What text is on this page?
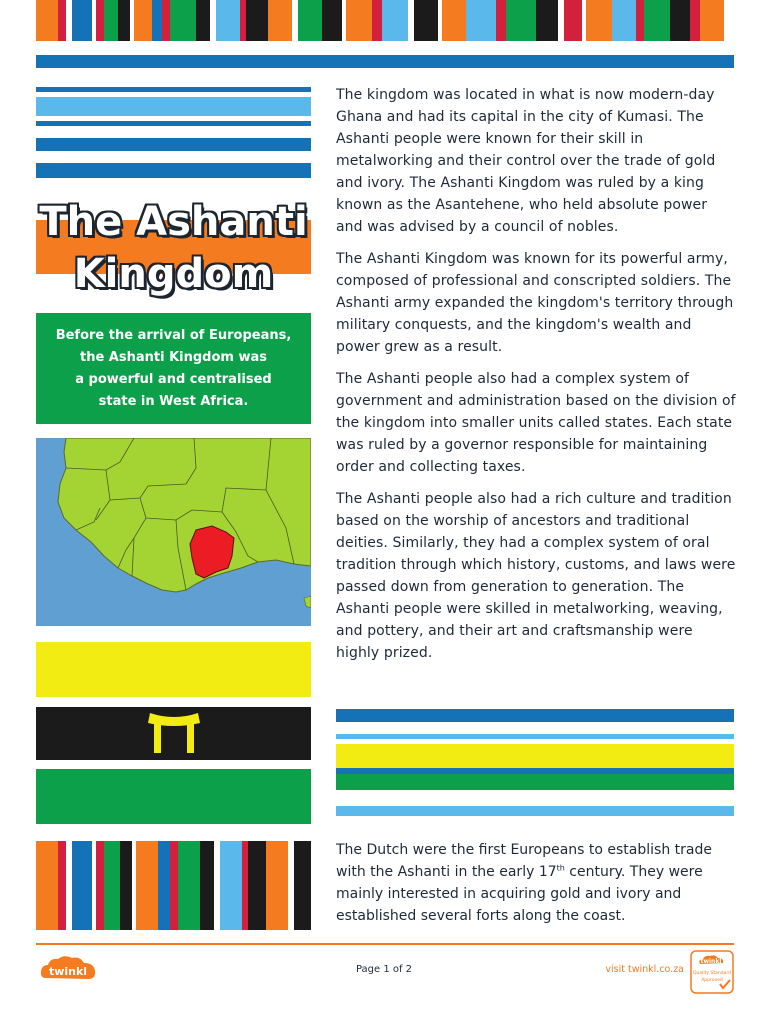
The Ashanti
Kingdom
Before the arrival of Europeans,
the Ashanti Kingdom was
a powerful and centralised
state in West Africa.

The kingdom was located in what is now modern-day Ghana and had its capital in the city of Kumasi. The Ashanti people were known for their skill in metalworking and their control over the trade of gold and ivory. The Ashanti Kingdom was ruled by a king known as the Asantehene, who held absolute power and was advised by a council of nobles.

The Ashanti Kingdom was known for its powerful army, composed of professional and conscripted soldiers. The Ashanti army expanded the kingdom's territory through military conquests, and the kingdom's wealth and power grew as a result.

The Ashanti people also had a complex system of government and administration based on the division of the kingdom into smaller units called states. Each state was ruled by a governor responsible for maintaining order and collecting taxes.

The Ashanti people also had a rich culture and tradition based on the worship of ancestors and traditional deities. Similarly, they had a complex system of oral tradition through which history, customs, and laws were passed down from generation to generation. The Ashanti people were skilled in metalworking, weaving, and pottery, and their art and craftsmanship were highly prized.

The Dutch were the first Europeans to establish trade with the Ashanti in the early 17th century. They were mainly interested in acquiring gold and ivory and established several forts along the coast.

twinkl	Page 1 of 2	visit twinkl.co.za
twinkl
Quality Standard
Approved
